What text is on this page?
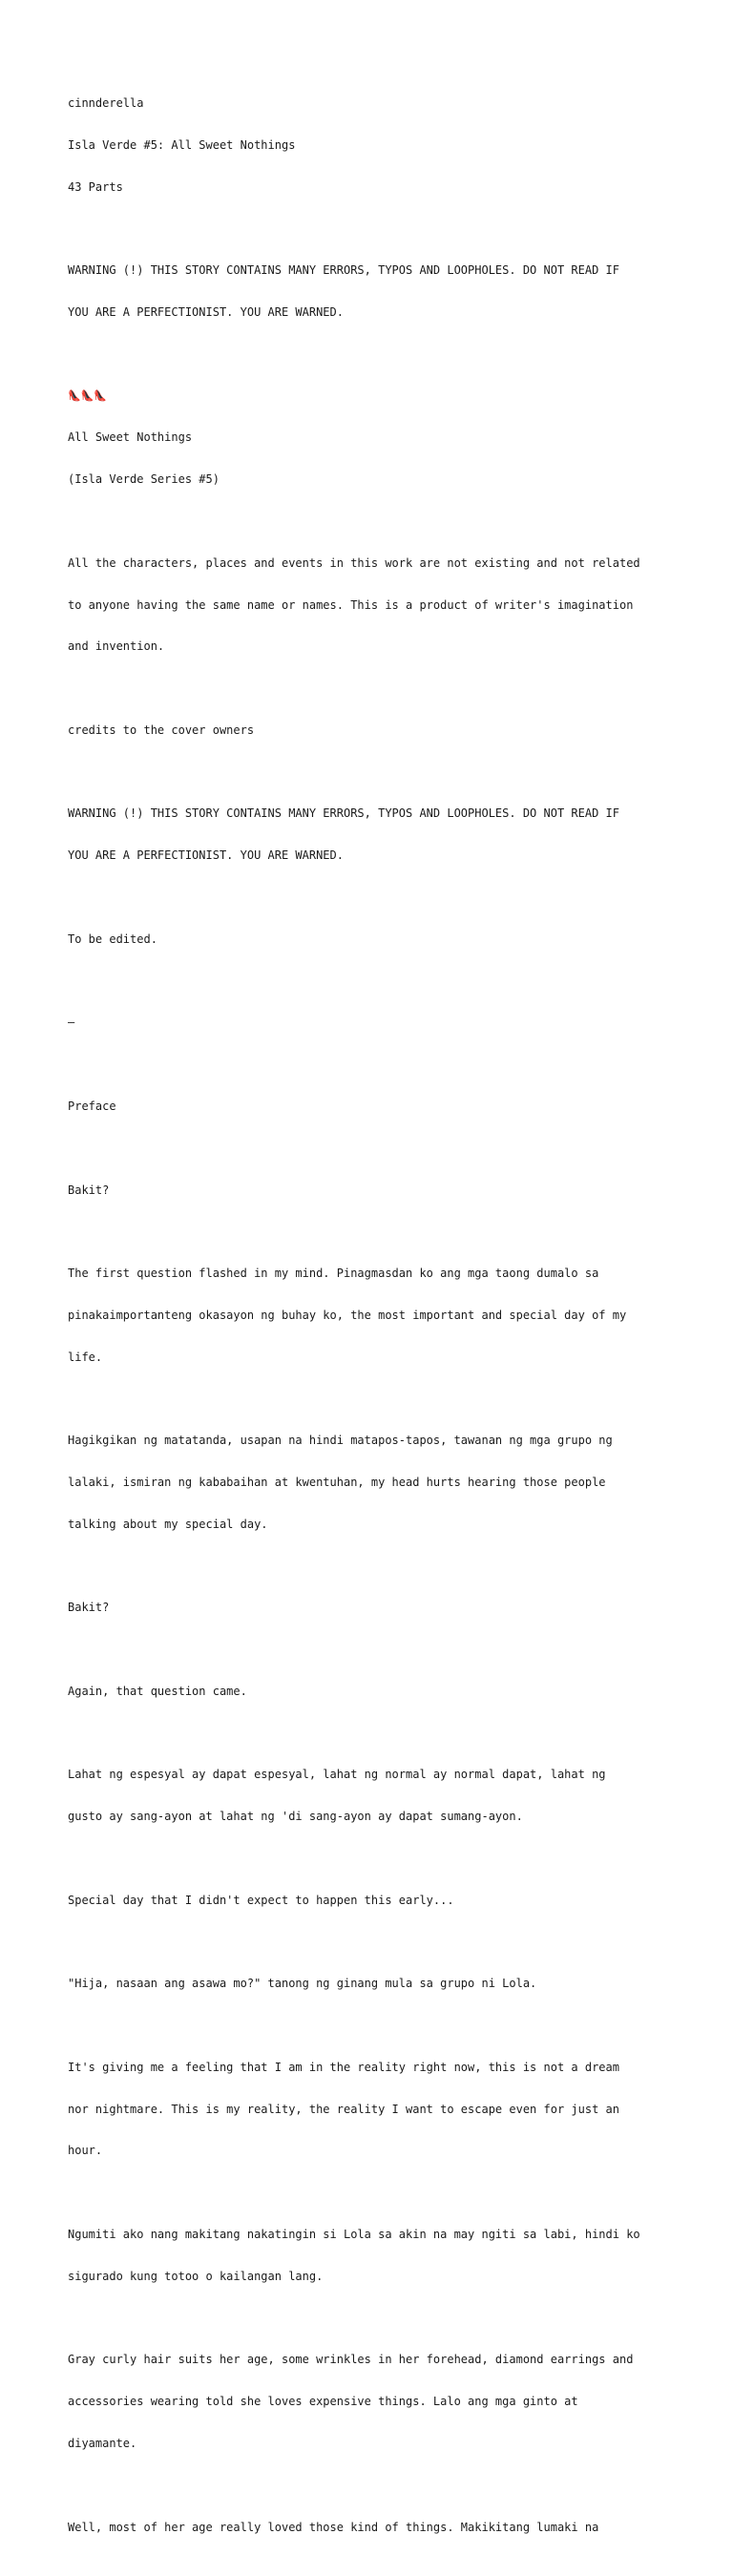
cinnderella

Isla Verde #5: All Sweet Nothings

43 Parts

WARNING (!) THIS STORY CONTAINS MANY ERRORS, TYPOS AND LOOPHOLES. DO NOT READ IF

YOU ARE A PERFECTIONIST. YOU ARE WARNED.

👠👠👠

All Sweet Nothings

(Isla Verde Series #5)

All the characters, places and events in this work are not existing and not related

to anyone having the same name or names. This is a product of writer's imagination

and invention.

credits to the cover owners

WARNING (!) THIS STORY CONTAINS MANY ERRORS, TYPOS AND LOOPHOLES. DO NOT READ IF

YOU ARE A PERFECTIONIST. YOU ARE WARNED.

To be edited.

—

Preface

Bakit?

The first question flashed in my mind. Pinagmasdan ko ang mga taong dumalo sa

pinakaimportanteng okasayon ng buhay ko, the most important and special day of my

life.

Hagikgikan ng matatanda, usapan na hindi matapos-tapos, tawanan ng mga grupo ng

lalaki, ismiran ng kababaihan at kwentuhan, my head hurts hearing those people

talking about my special day.

Bakit?

Again, that question came.

Lahat ng espesyal ay dapat espesyal, lahat ng normal ay normal dapat, lahat ng

gusto ay sang-ayon at lahat ng 'di sang-ayon ay dapat sumang-ayon.

Special day that I didn't expect to happen this early...

"Hija, nasaan ang asawa mo?" tanong ng ginang mula sa grupo ni Lola.

It's giving me a feeling that I am in the reality right now, this is not a dream

nor nightmare. This is my reality, the reality I want to escape even for just an

hour.

Ngumiti ako nang makitang nakatingin si Lola sa akin na may ngiti sa labi, hindi ko

sigurado kung totoo o kailangan lang.

Gray curly hair suits her age, some wrinkles in her forehead, diamond earrings and

accessories wearing told she loves expensive things. Lalo ang mga ginto at

diyamante.

Well, most of her age really loved those kind of things. Makikitang lumaki na
